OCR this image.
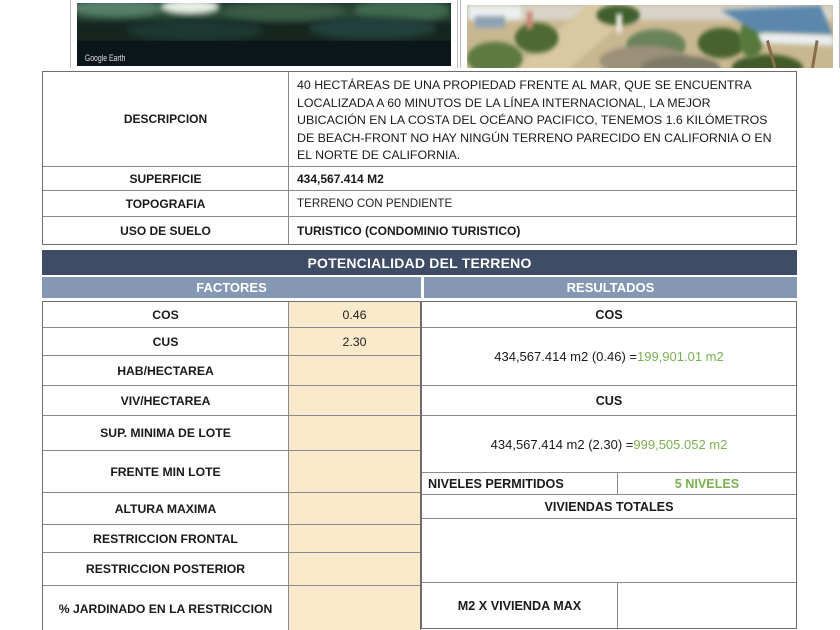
Google Earth
DESCRIPCION
40 HECTÁREAS DE UNA PROPIEDAD FRENTE AL MAR, QUE SE ENCUENTRA LOCALIZADA A 60 MINUTOS DE LA LÍNEA INTERNACIONAL, LA MEJOR UBICACIÓN EN LA COSTA DEL OCÉANO PACIFICO, TENEMOS 1.6 KILÓMETROS DE BEACH-FRONT NO HAY NINGÚN TERRENO PARECIDO EN CALIFORNIA O EN EL NORTE DE CALIFORNIA.
SUPERFICIE	434,567.414 M2
TOPOGRAFIA	TERRENO CON PENDIENTE
USO DE SUELO	TURISTICO (CONDOMINIO TURISTICO)
POTENCIALIDAD DEL TERRENO
FACTORES	RESULTADOS
COS	0.46
CUS	2.30
HAB/HECTAREA
VIV/HECTAREA
SUP. MINIMA DE LOTE
FRENTE MIN LOTE
ALTURA MAXIMA
RESTRICCION FRONTAL
RESTRICCION POSTERIOR
% JARDINADO EN LA RESTRICCION
COS
434,567.414 m2 (0.46) = 199,901.01 m2
CUS
434,567.414 m2 (2.30) = 999,505.052 m2
NIVELES PERMITIDOS	5 NIVELES
VIVIENDAS TOTALES
M2 X VIVIENDA MAX
